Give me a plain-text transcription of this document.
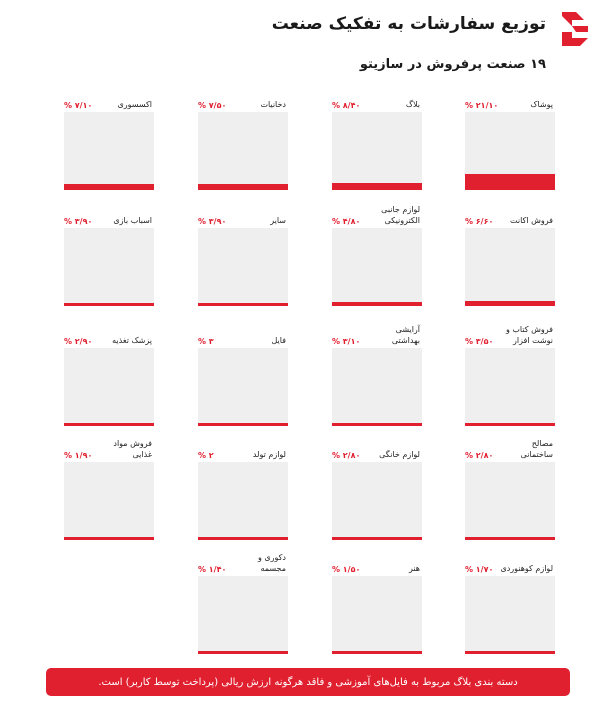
توزیع سفارشات به تفکیک صنعت
۱۹ صنعت پرفروش در سازیتو
پوشاک
% ۲۱/۱۰
بلاگ
% ۸/۴۰
دخانیات
% ۷/۵۰
اکسسوری
% ۷/۱۰
فروش اکانت
% ۶/۶۰
لوازم جانبی الکترونیکی
% ۴/۸۰
سایر
% ۳/۹۰
اسباب بازی
% ۳/۹۰
فروش کتاب و نوشت افزار
% ۳/۵۰
آرایشی بهداشتی
% ۳/۱۰
فایل
% ۳
پزشک تغذیه
% ۲/۹۰
مصالح ساختمانی
% ۲/۸۰
لوازم خانگی
% ۲/۸۰
لوازم تولد
% ۲
فروش مواد غذایی
% ۱/۹۰
لوازم کوهنوردی
% ۱/۷۰
هنر
% ۱/۵۰
دکوری و مجسمه
% ۱/۴۰
دسته بندی بلاگ مربوط به فایل‌های آموزشی و فاقد هرگونه ارزش ریالی (پرداخت توسط کاربر) است.
